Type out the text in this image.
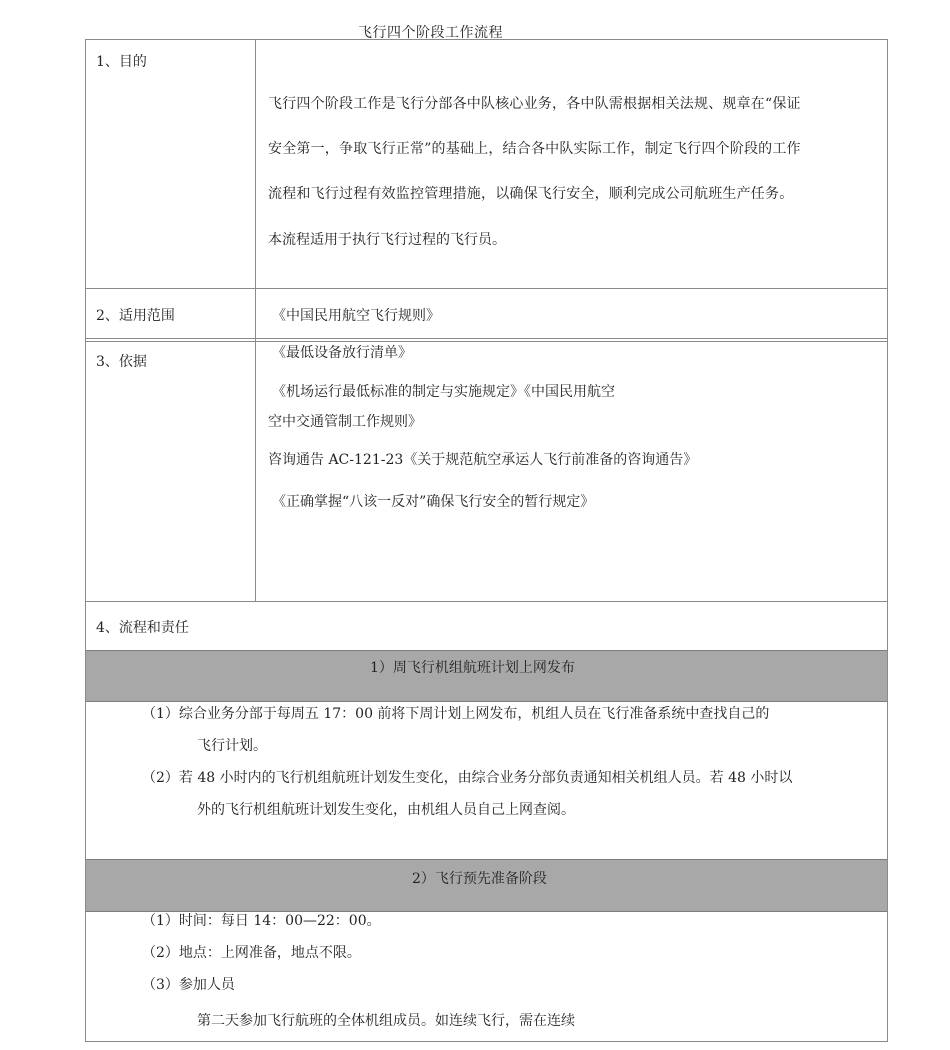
飞行四个阶段工作流程
1、目的
飞行四个阶段工作是飞行分部各中队核心业务，各中队需根据相关法规、规章在“保证
安全第一，争取飞行正常”的基础上，结合各中队实际工作，制定飞行四个阶段的工作
流程和飞行过程有效监控管理措施，以确保飞行安全，顺利完成公司航班生产任务。
本流程适用于执行飞行过程的飞行员。
2、适用范围	《中国民用航空飞行规则》
3、依据
《最低设备放行清单》
《机场运行最低标准的制定与实施规定》《中国民用航空
空中交通管制工作规则》
咨询通告 AC-121-23《关于规范航空承运人飞行前准备的咨询通告》
《正确掌握“八该一反对”确保飞行安全的暂行规定》
4、流程和责任
1）周飞行机组航班计划上网发布
（1）综合业务分部于每周五 17：00 前将下周计划上网发布，机组人员在飞行准备系统中查找自己的
飞行计划。
（2）若 48 小时内的飞行机组航班计划发生变化，由综合业务分部负责通知相关机组人员。若 48 小时以
外的飞行机组航班计划发生变化，由机组人员自己上网查阅。
2）飞行预先准备阶段
（1）时间：每日 14：00—22：00。
（2）地点：上网准备，地点不限。
（3）参加人员
第二天参加飞行航班的全体机组成员。如连续飞行，需在连续
